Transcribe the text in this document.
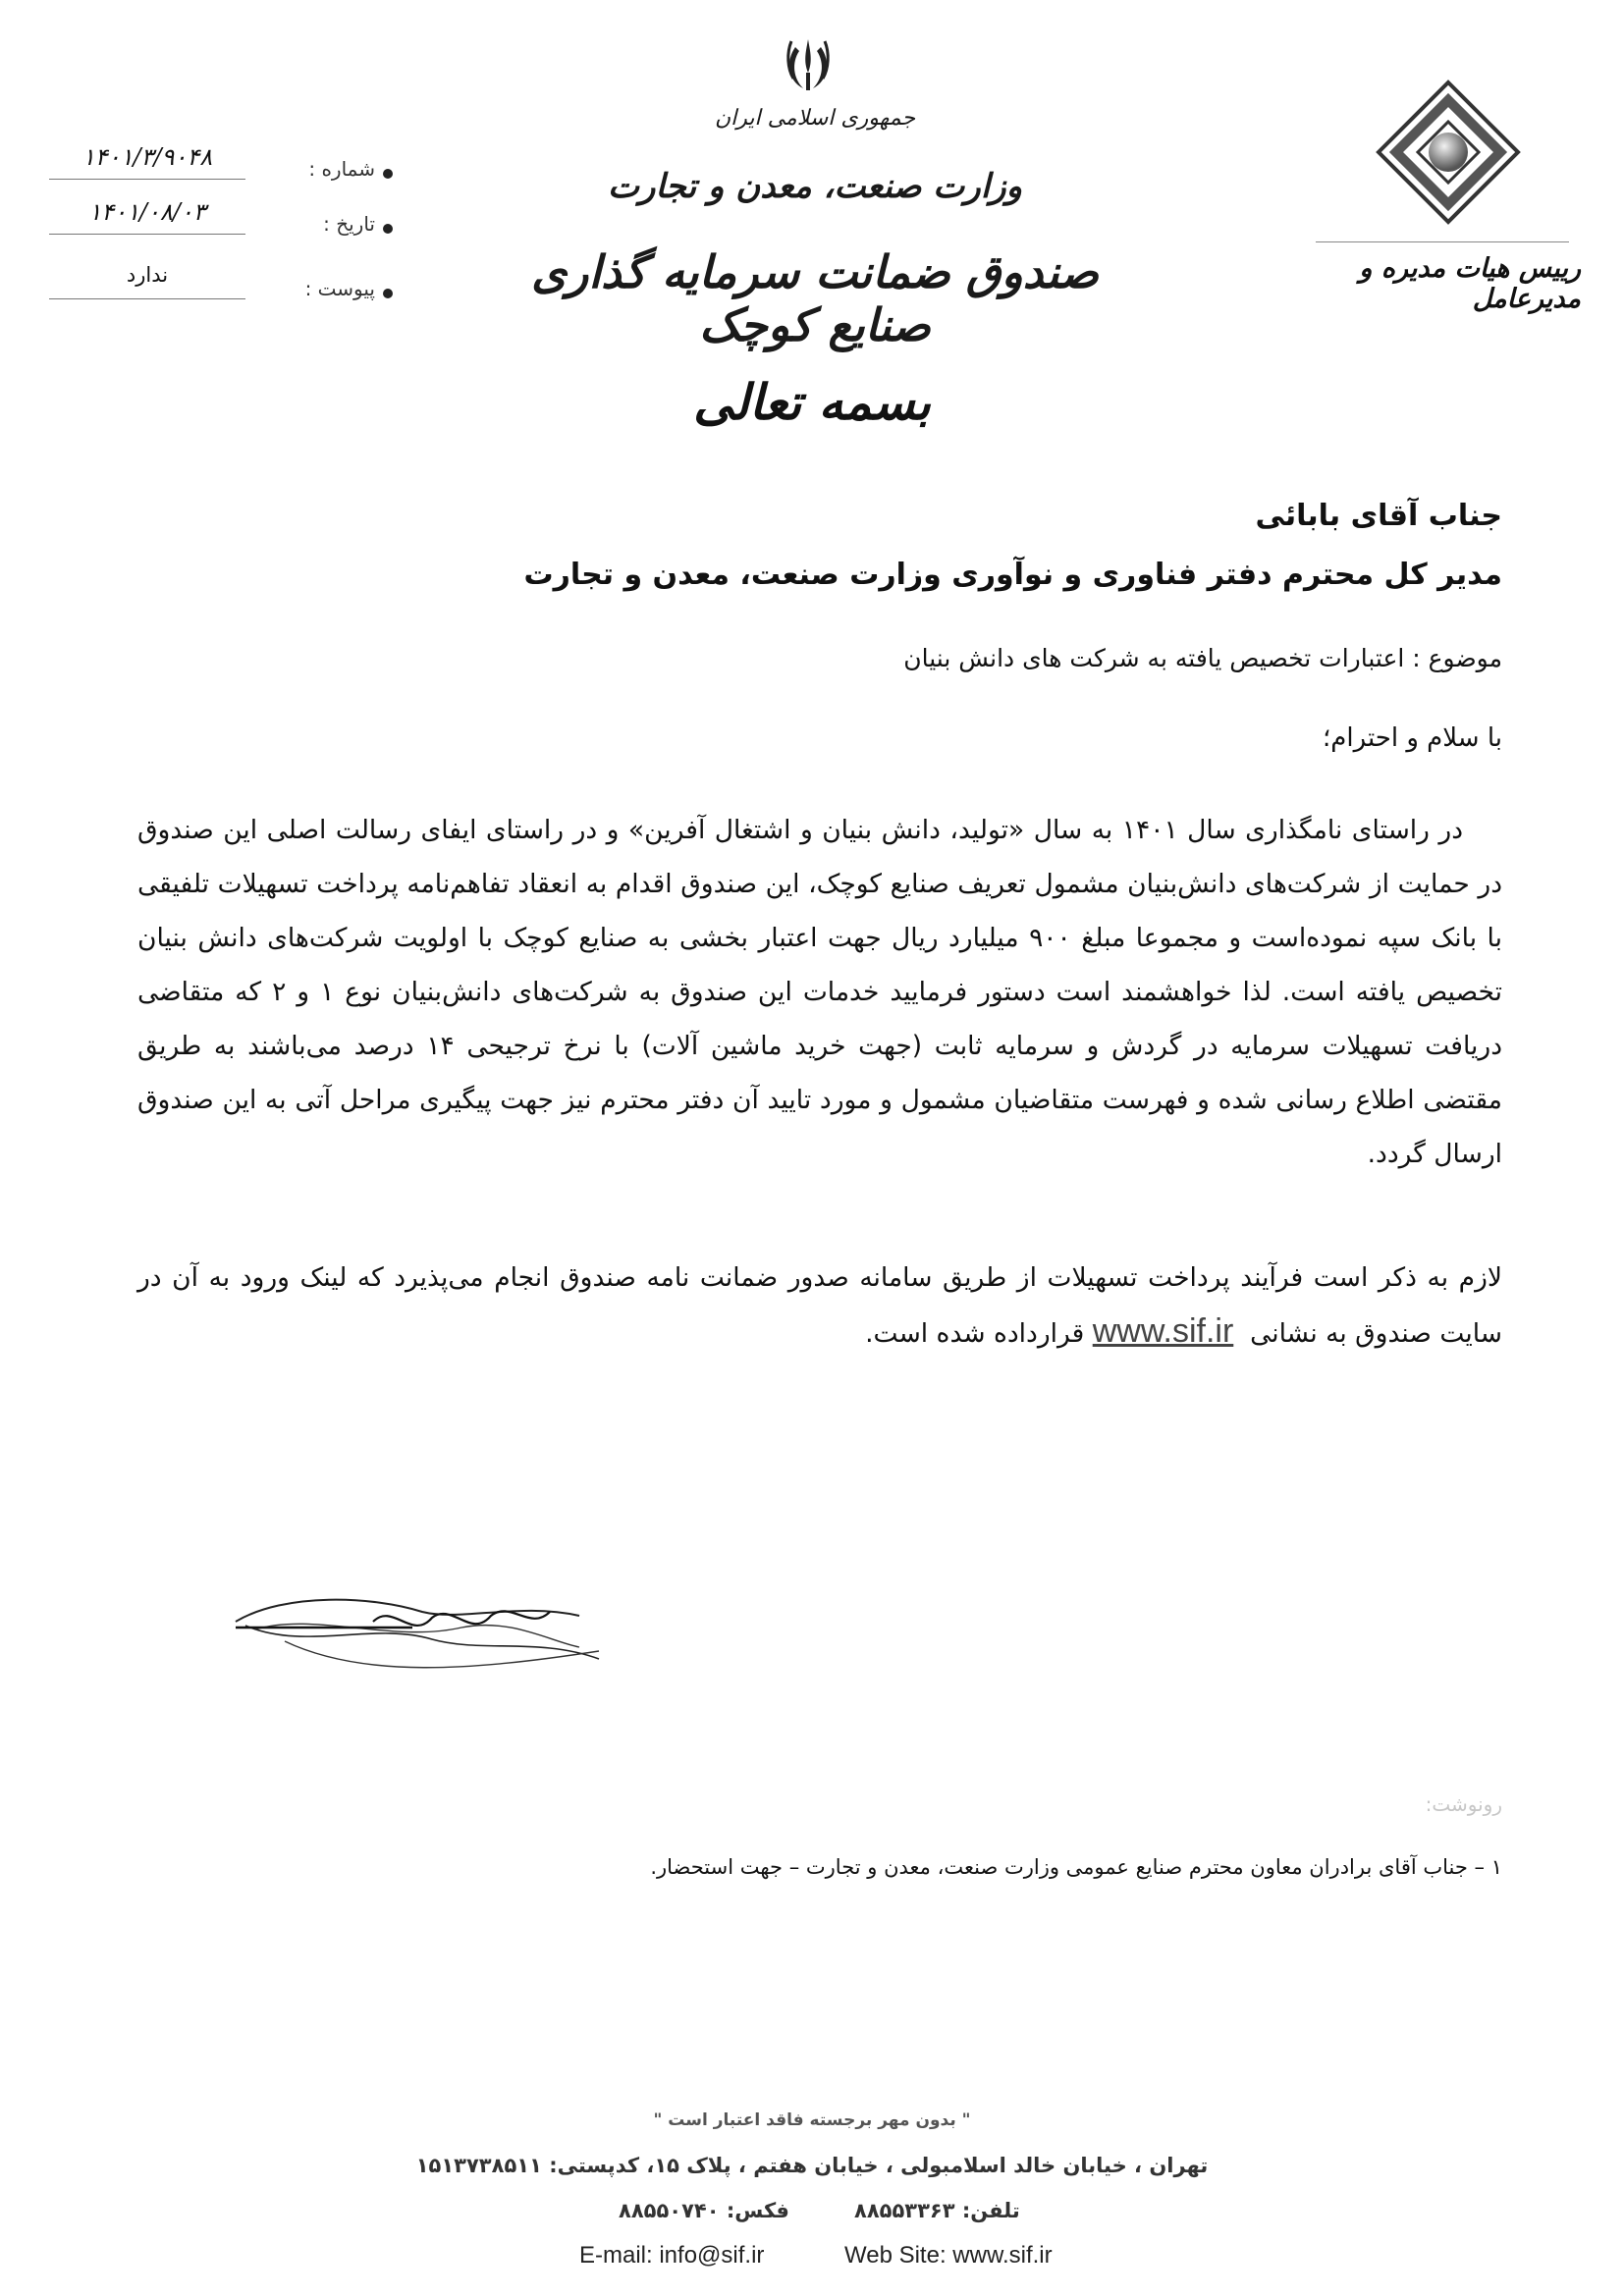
جمهوری اسلامی ایران
وزارت صنعت، معدن و تجارت
صندوق ضمانت سرمایه گذاری صنایع کوچک
رییس هیات مدیره و مدیرعامل
شماره :
۱۴۰۱/۳/۹۰۴۸
تاریخ :
۱۴۰۱/۰۸/۰۳
پیوست :
ندارد
بسمه تعالی
جناب آقای بابائی
مدیر کل محترم دفتر فناوری و نوآوری وزارت صنعت، معدن و تجارت
موضوع : اعتبارات تخصیص یافته به شرکت های دانش بنیان
با سلام و احترام؛
در راستای نامگذاری سال ۱۴۰۱ به سال «تولید، دانش بنیان و اشتغال آفرین» و در راستای ایفای رسالت اصلی این صندوق در حمایت از شرکت‌های دانش‌بنیان مشمول تعریف صنایع کوچک، این صندوق اقدام به انعقاد تفاهم‌نامه پرداخت تسهیلات تلفیقی با بانک سپه نموده‌است و مجموعا مبلغ ۹۰۰ میلیارد ریال جهت اعتبار بخشی به صنایع کوچک با اولویت شرکت‌های دانش بنیان تخصیص یافته است. لذا خواهشمند است دستور فرمایید خدمات این صندوق به شرکت‌های دانش‌بنیان نوع ۱ و ۲ که متقاضی دریافت تسهیلات سرمایه در گردش و سرمایه ثابت (جهت خرید ماشین آلات) با نرخ ترجیحی ۱۴ درصد می‌باشند به طریق مقتضی اطلاع رسانی شده و فهرست متقاضیان مشمول و مورد تایید آن دفتر محترم نیز جهت پیگیری مراحل آتی به این صندوق ارسال گردد.
لازم به ذکر است فرآیند پرداخت تسهیلات از طریق سامانه صدور ضمانت نامه صندوق انجام می‌پذیرد که لینک ورود به آن در سایت صندوق به نشانی  www.sif.ir قرارداده شده است.
رونوشت:
۱ – جناب آقای برادران معاون محترم صنایع عمومی وزارت صنعت، معدن و تجارت – جهت استحضار.
" بدون مهر برجسته فاقد اعتبار است "
تهران ، خیابان خالد اسلامبولی ، خیابان هفتم ، پلاک ۱۵، کدپستی: ۱۵۱۳۷۳۸۵۱۱
تلفن: ۸۸۵۵۳۳۶۳
فکس: ۸۸۵۵۰۷۴۰
E-mail: info@sif.ir	Web Site: www.sif.ir
